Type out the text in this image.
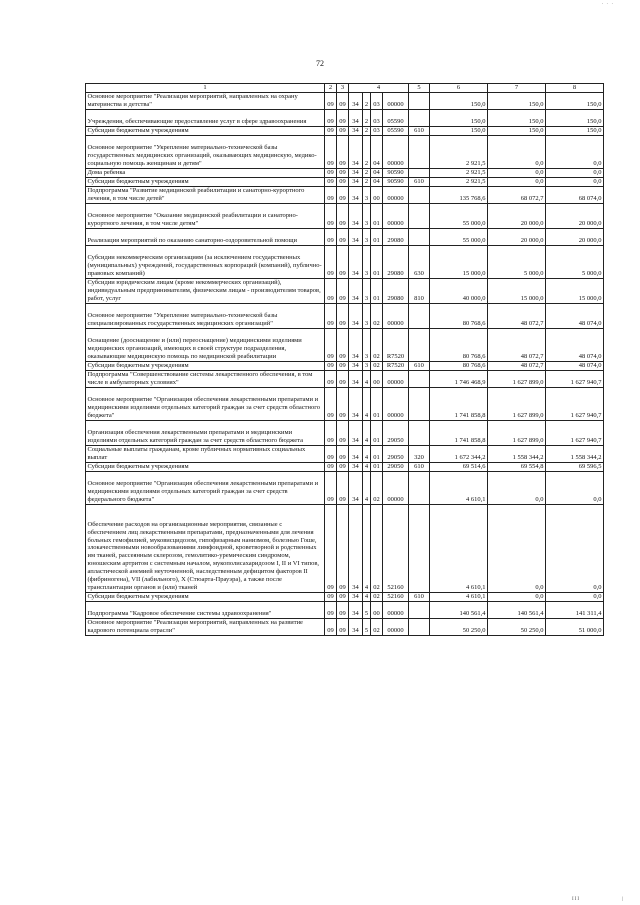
· · ·
72
1	2	3	4				5	6	7	8
Основное мероприятие "Реализация мероприятий, направленных на охрану материнства и детства"	09	09	34	2	03	00000		150,0	150,0	150,0
Учреждения, обеспечивающие предоставление услуг в сфере здравоохранения	09	09	34	2	03	05590		150,0	150,0	150,0
Субсидии бюджетным учреждениям	09	09	34	2	03	05590	610	150,0	150,0	150,0
Основное мероприятие "Укрепление материально-технической базы государственных медицинских организаций, оказывающих медицинскую, медико-социальную помощь женщинам и детям"	09	09	34	2	04	00000		2 921,5	0,0	0,0
Дома ребенка	09	09	34	2	04	90590		2 921,5	0,0	0,0
Субсидии бюджетным учреждениям	09	09	34	2	04	90590	610	2 921,5	0,0	0,0
Подпрограмма "Развитие медицинской реабилитации и санаторно-курортного лечения, в том числе детей"	09	09	34	3	00	00000		135 768,6	68 072,7	68 074,0
Основное мероприятие "Оказание медицинской реабилитации и санаторно-курортного лечения, в том числе детям"	09	09	34	3	01	00000		55 000,0	20 000,0	20 000,0
Реализация мероприятий по оказанию санаторно-оздоровительной помощи	09	09	34	3	01	29080		55 000,0	20 000,0	20 000,0
Субсидии некоммерческим организациям (за исключением государственных (муниципальных) учреждений, государственных корпораций (компаний), публично-правовых компаний)	09	09	34	3	01	29080	630	15 000,0	5 000,0	5 000,0
Субсидии юридическим лицам (кроме некоммерческих организаций), индивидуальным предпринимателям, физическим лицам - производителям товаров, работ, услуг	09	09	34	3	01	29080	810	40 000,0	15 000,0	15 000,0
Основное мероприятие "Укрепление материально-технической базы специализированных государственных медицинских организаций"	09	09	34	3	02	00000		80 768,6	48 072,7	48 074,0
Оснащение (дооснащение и (или) переоснащение) медицинскими изделиями медицинских организаций, имеющих в своей структуре подразделения, оказывающие медицинскую помощь по медицинской реабилитации	09	09	34	3	02	R7520		80 768,6	48 072,7	48 074,0
Субсидии бюджетным учреждениям	09	09	34	3	02	R7520	610	80 768,6	48 072,7	48 074,0
Подпрограмма "Совершенствование системы лекарственного обеспечения, в том числе в амбулаторных условиях"	09	09	34	4	00	00000		1 746 468,9	1 627 899,0	1 627 940,7
Основное мероприятие "Организация обеспечения лекарственными препаратами и медицинскими изделиями отдельных категорий граждан за счет средств областного бюджета"	09	09	34	4	01	00000		1 741 858,8	1 627 899,0	1 627 940,7
Организация обеспечения лекарственными препаратами и медицинскими изделиями отдельных категорий граждан за счет средств областного бюджета	09	09	34	4	01	29050		1 741 858,8	1 627 899,0	1 627 940,7
Социальные выплаты гражданам, кроме публичных нормативных социальных выплат	09	09	34	4	01	29050	320	1 672 344,2	1 558 344,2	1 558 344,2
Субсидии бюджетным учреждениям	09	09	34	4	01	29050	610	69 514,6	69 554,8	69 596,5
Основное мероприятие "Организация обеспечения лекарственными препаратами и медицинскими изделиями отдельных категорий граждан за счет средств федерального бюджета"	09	09	34	4	02	00000		4 610,1	0,0	0,0
Обеспечение расходов на организационные мероприятия, связанные с обеспечением лиц лекарственными препаратами, предназначенными для лечения больных гемофилией, муковисцидозом, гипофизарным нанизмом, болезнью Гоше, злокачественными новообразованиями лимфоидной, кроветворной и родственных им тканей, рассеянным склерозом, гемолитико-уремическим синдромом, юношеским артритом с системным началом, мукополисахаридозом I, II и VI типов, апластической анемией неуточненной, наследственным дефицитом факторов II (фибриногена), VII (лабильного), X (Стюарта-Прауэра), а также после трансплантации органов и (или) тканей	09	09	34	4	02	52160		4 610,1	0,0	0,0
Субсидии бюджетным учреждениям	09	09	34	4	02	52160	610	4 610,1	0,0	0,0
Подпрограмма "Кадровое обеспечение системы здравоохранения"	09	09	34	5	00	00000		140 561,4	140 561,4	141 311,4
Основное мероприятие "Реализация мероприятий, направленных на развитие кадрового потенциала отрасли"	09	09	34	5	02	00000		50 250,0	50 250,0	51 000,0
III	|
